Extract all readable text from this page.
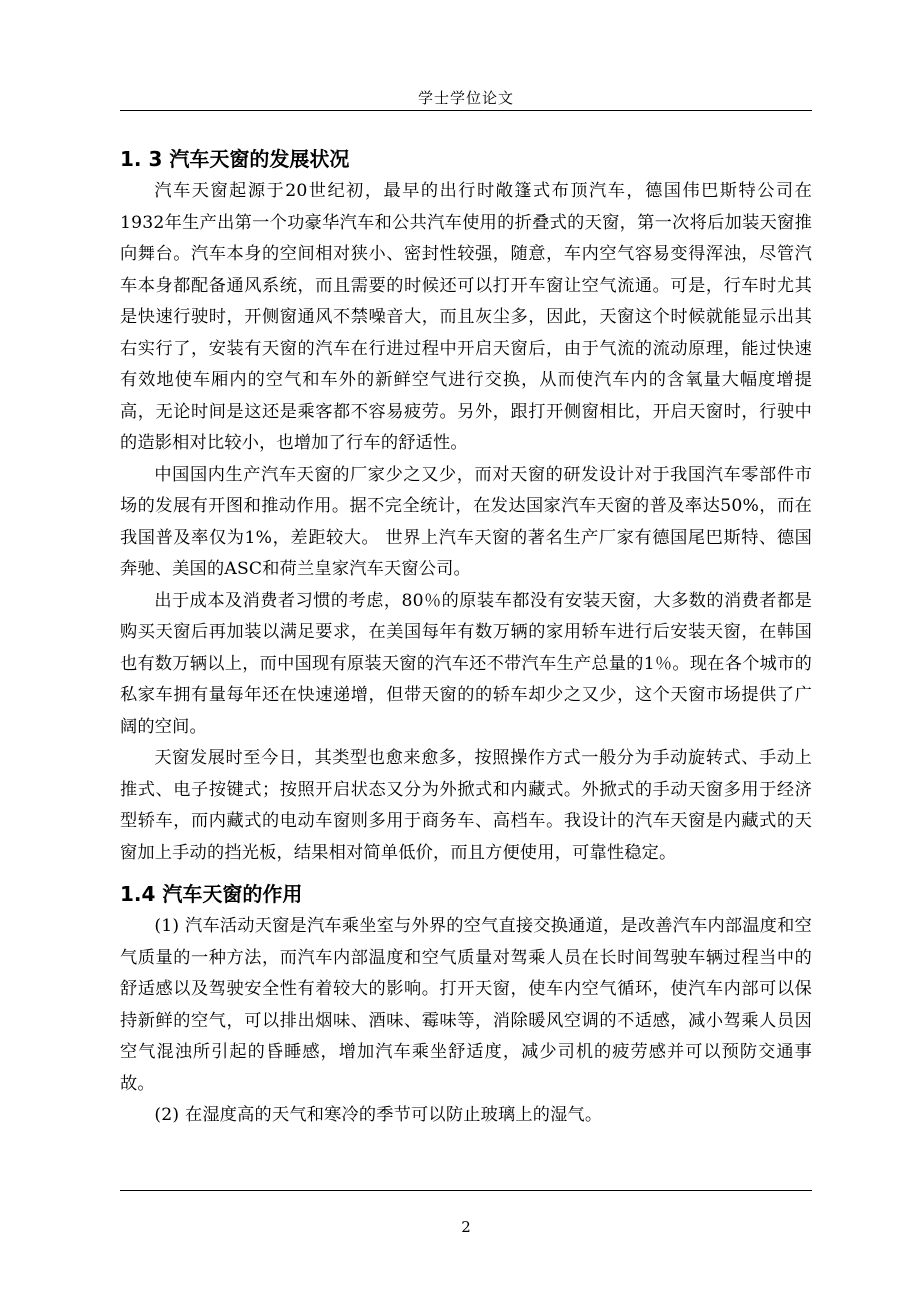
学士学位论文
1. 3 汽车天窗的发展状况

汽车天窗起源于20世纪初，最早的出行时敞篷式布顶汽车，德国伟巴斯特公司在1932年生产出第一个功豪华汽车和公共汽车使用的折叠式的天窗，第一次将后加装天窗推向舞台。汽车本身的空间相对狭小、密封性较强，随意，车内空气容易变得浑浊，尽管汽车本身都配备通风系统，而且需要的时候还可以打开车窗让空气流通。可是，行车时尤其是快速行驶时，开侧窗通风不禁噪音大，而且灰尘多，因此，天窗这个时候就能显示出其右实行了，安装有天窗的汽车在行进过程中开启天窗后，由于气流的流动原理，能过快速有效地使车厢内的空气和车外的新鲜空气进行交换，从而使汽车内的含氧量大幅度增提高，无论时间是这还是乘客都不容易疲劳。另外，跟打开侧窗相比，开启天窗时，行驶中的造影相对比较小，也增加了行车的舒适性。

中国国内生产汽车天窗的厂家少之又少，而对天窗的研发设计对于我国汽车零部件市场的发展有开图和推动作用。据不完全统计，在发达国家汽车天窗的普及率达50%，而在我国普及率仅为1%，差距较大。 世界上汽车天窗的著名生产厂家有德国尾巴斯特、德国奔驰、美国的ASC和荷兰皇家汽车天窗公司。

出于成本及消费者习惯的考虑，80％的原装车都没有安装天窗，大多数的消费者都是购买天窗后再加装以满足要求，在美国每年有数万辆的家用轿车进行后安装天窗，在韩国也有数万辆以上，而中国现有原装天窗的汽车还不带汽车生产总量的1％。现在各个城市的私家车拥有量每年还在快速递增，但带天窗的的轿车却少之又少，这个天窗市场提供了广阔的空间。

天窗发展时至今日，其类型也愈来愈多，按照操作方式一般分为手动旋转式、手动上推式、电子按键式；按照开启状态又分为外掀式和内藏式。外掀式的手动天窗多用于经济型轿车，而内藏式的电动车窗则多用于商务车、高档车。我设计的汽车天窗是内藏式的天窗加上手动的挡光板，结果相对简单低价，而且方便使用，可靠性稳定。

1.4 汽车天窗的作用

(1) 汽车活动天窗是汽车乘坐室与外界的空气直接交换通道，是改善汽车内部温度和空气质量的一种方法，而汽车内部温度和空气质量对驾乘人员在长时间驾驶车辆过程当中的舒适感以及驾驶安全性有着较大的影响。打开天窗，使车内空气循环，使汽车内部可以保持新鲜的空气，可以排出烟味、酒味、霉味等，消除暖风空调的不适感，减小驾乘人员因空气混浊所引起的昏睡感，增加汽车乘坐舒适度，减少司机的疲劳感并可以预防交通事故。

(2) 在湿度高的天气和寒冷的季节可以防止玻璃上的湿气。

2
